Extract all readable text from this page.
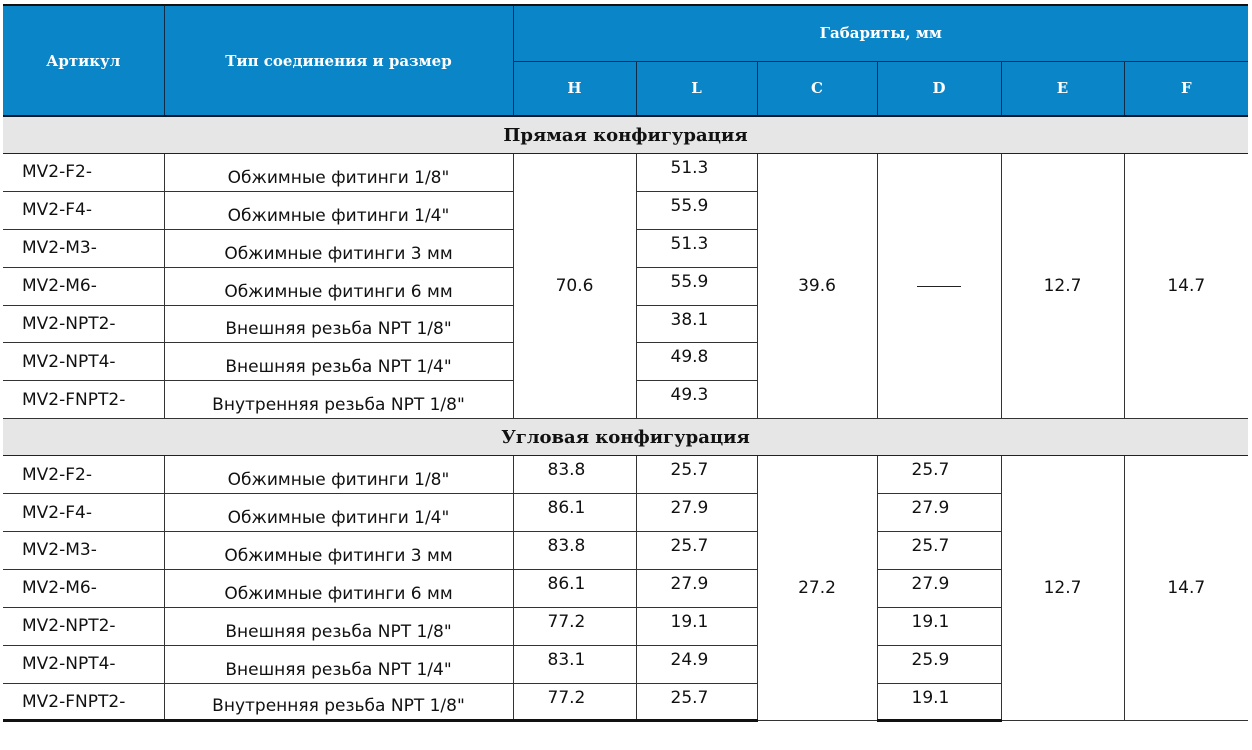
Артикул	Тип соединения и размер	Габариты, мм					
		H	L	C	D	E	F
Прямая конфигурация							
MV2-F2-	Обжимные фитинги 1/8"	70.6	51.3	39.6		12.7	14.7
MV2-F4-	Обжимные фитинги 1/4"		55.9				
MV2-M3-	Обжимные фитинги 3 мм		51.3				
MV2-M6-	Обжимные фитинги 6 мм		55.9				
MV2-NPT2-	Внешняя резьба NPT 1/8"		38.1				
MV2-NPT4-	Внешняя резьба NPT 1/4"		49.8				
MV2-FNPT2-	Внутренняя резьба NPT 1/8"		49.3				
Угловая конфигурация							
MV2-F2-	Обжимные фитинги 1/8"	83.8	25.7	27.2	25.7	12.7	14.7
MV2-F4-	Обжимные фитинги 1/4"	86.1	27.9		27.9		
MV2-M3-	Обжимные фитинги 3 мм	83.8	25.7		25.7		
MV2-M6-	Обжимные фитинги 6 мм	86.1	27.9		27.9		
MV2-NPT2-	Внешняя резьба NPT 1/8"	77.2	19.1		19.1		
MV2-NPT4-	Внешняя резьба NPT 1/4"	83.1	24.9		25.9		
MV2-FNPT2-	Внутренняя резьба NPT 1/8"	77.2	25.7		19.1		
